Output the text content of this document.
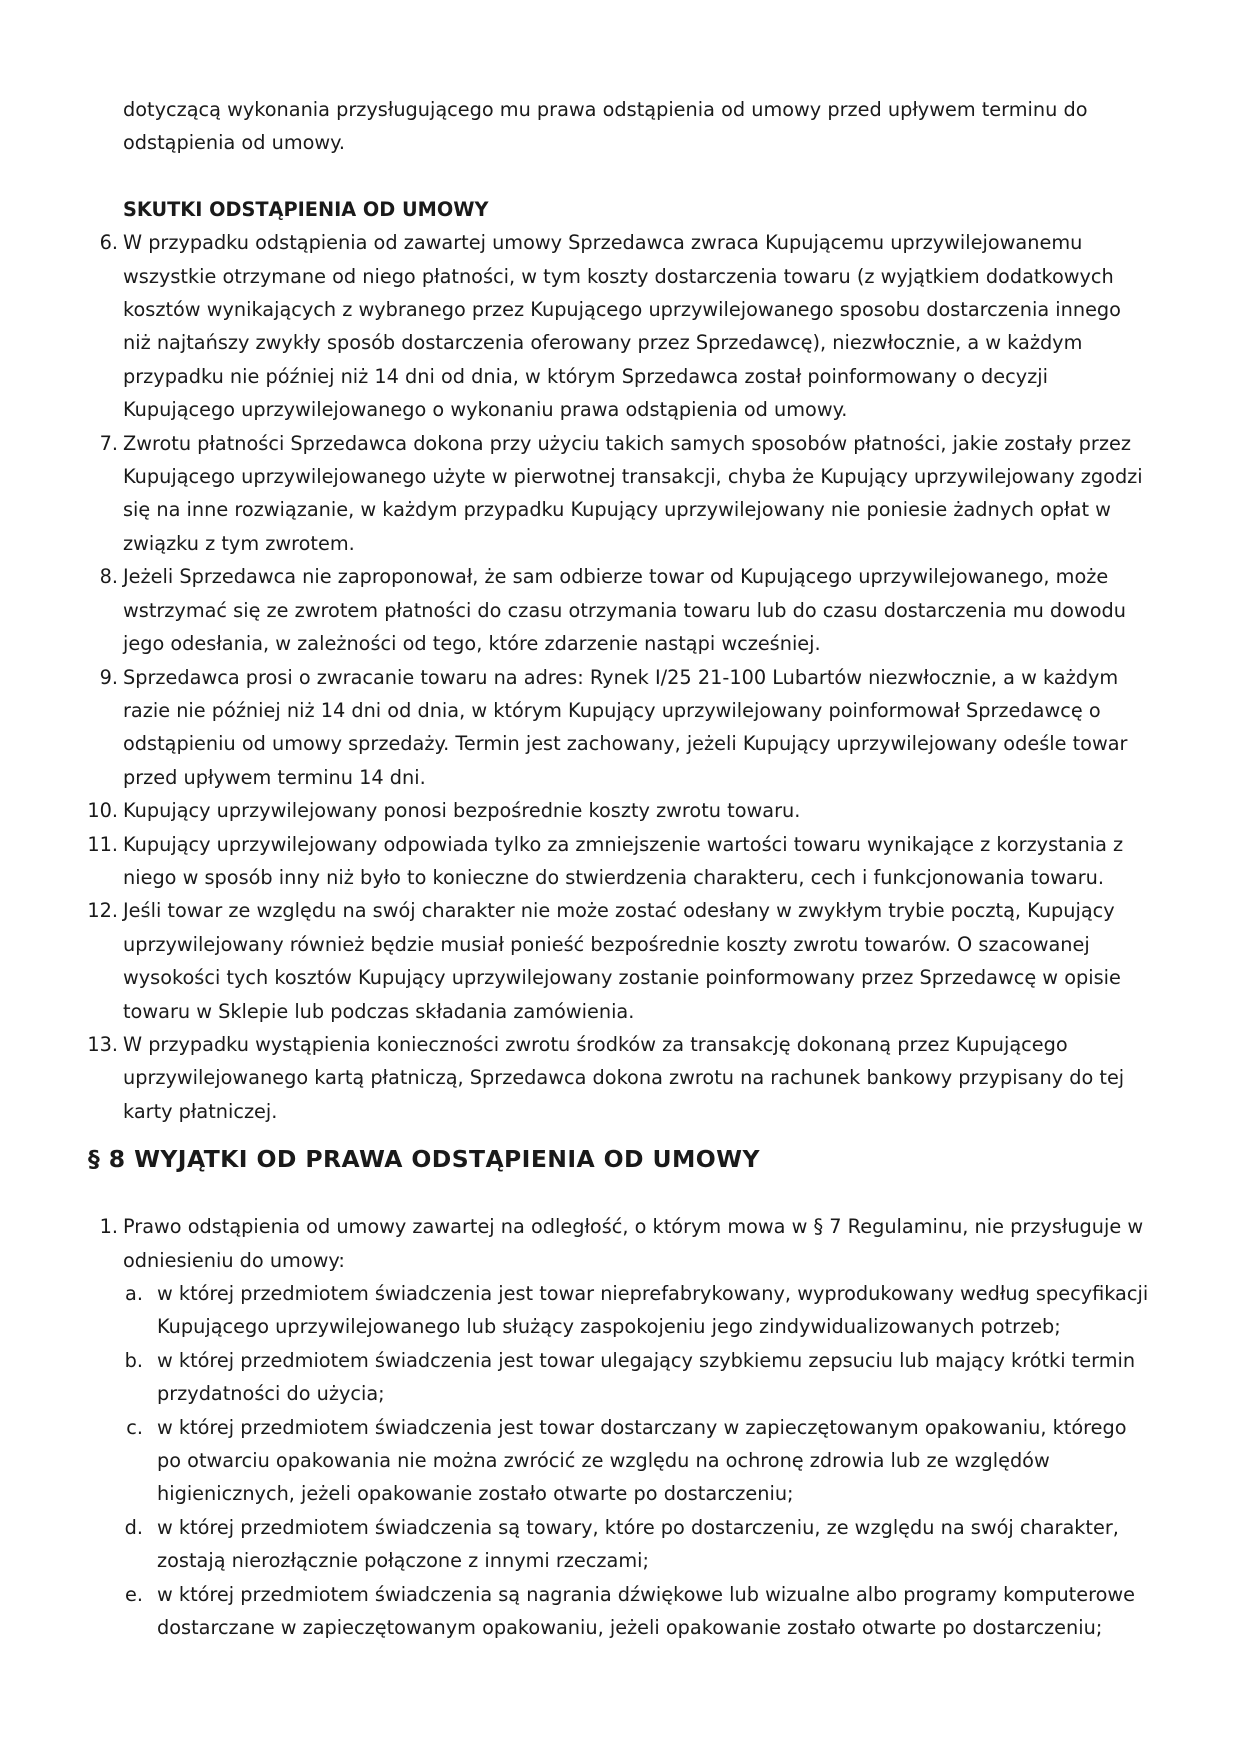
dotyczącą wykonania przysługującego mu prawa odstąpienia od umowy przed upływem terminu do odstąpienia od umowy.

SKUTKI ODSTĄPIENIA OD UMOWY
6. W przypadku odstąpienia od zawartej umowy Sprzedawca zwraca Kupującemu uprzywilejowanemu wszystkie otrzymane od niego płatności, w tym koszty dostarczenia towaru (z wyjątkiem dodatkowych kosztów wynikających z wybranego przez Kupującego uprzywilejowanego sposobu dostarczenia innego niż najtańszy zwykły sposób dostarczenia oferowany przez Sprzedawcę), niezwłocznie, a w każdym przypadku nie później niż 14 dni od dnia, w którym Sprzedawca został poinformowany o decyzji Kupującego uprzywilejowanego o wykonaniu prawa odstąpienia od umowy.
7. Zwrotu płatności Sprzedawca dokona przy użyciu takich samych sposobów płatności, jakie zostały przez Kupującego uprzywilejowanego użyte w pierwotnej transakcji, chyba że Kupujący uprzywilejowany zgodzi się na inne rozwiązanie, w każdym przypadku Kupujący uprzywilejowany nie poniesie żadnych opłat w związku z tym zwrotem.
8. Jeżeli Sprzedawca nie zaproponował, że sam odbierze towar od Kupującego uprzywilejowanego, może wstrzymać się ze zwrotem płatności do czasu otrzymania towaru lub do czasu dostarczenia mu dowodu jego odesłania, w zależności od tego, które zdarzenie nastąpi wcześniej.
9. Sprzedawca prosi o zwracanie towaru na adres: Rynek I/25 21-100 Lubartów niezwłocznie, a w każdym razie nie później niż 14 dni od dnia, w którym Kupujący uprzywilejowany poinformował Sprzedawcę o odstąpieniu od umowy sprzedaży. Termin jest zachowany, jeżeli Kupujący uprzywilejowany odeśle towar przed upływem terminu 14 dni.
10. Kupujący uprzywilejowany ponosi bezpośrednie koszty zwrotu towaru.
11. Kupujący uprzywilejowany odpowiada tylko za zmniejszenie wartości towaru wynikające z korzystania z niego w sposób inny niż było to konieczne do stwierdzenia charakteru, cech i funkcjonowania towaru.
12. Jeśli towar ze względu na swój charakter nie może zostać odesłany w zwykłym trybie pocztą, Kupujący uprzywilejowany również będzie musiał ponieść bezpośrednie koszty zwrotu towarów. O szacowanej wysokości tych kosztów Kupujący uprzywilejowany zostanie poinformowany przez Sprzedawcę w opisie towaru w Sklepie lub podczas składania zamówienia.
13. W przypadku wystąpienia konieczności zwrotu środków za transakcję dokonaną przez Kupującego uprzywilejowanego kartą płatniczą, Sprzedawca dokona zwrotu na rachunek bankowy przypisany do tej karty płatniczej.
§ 8 WYJĄTKI OD PRAWA ODSTĄPIENIA OD UMOWY
1. Prawo odstąpienia od umowy zawartej na odległość, o którym mowa w § 7 Regulaminu, nie przysługuje w odniesieniu do umowy:
a. w której przedmiotem świadczenia jest towar nieprefabrykowany, wyprodukowany według specyfikacji Kupującego uprzywilejowanego lub służący zaspokojeniu jego zindywidualizowanych potrzeb;
b. w której przedmiotem świadczenia jest towar ulegający szybkiemu zepsuciu lub mający krótki termin przydatności do użycia;
c. w której przedmiotem świadczenia jest towar dostarczany w zapieczętowanym opakowaniu, którego po otwarciu opakowania nie można zwrócić ze względu na ochronę zdrowia lub ze względów higienicznych, jeżeli opakowanie zostało otwarte po dostarczeniu;
d. w której przedmiotem świadczenia są towary, które po dostarczeniu, ze względu na swój charakter, zostają nierozłącznie połączone z innymi rzeczami;
e. w której przedmiotem świadczenia są nagrania dźwiękowe lub wizualne albo programy komputerowe dostarczane w zapieczętowanym opakowaniu, jeżeli opakowanie zostało otwarte po dostarczeniu;
